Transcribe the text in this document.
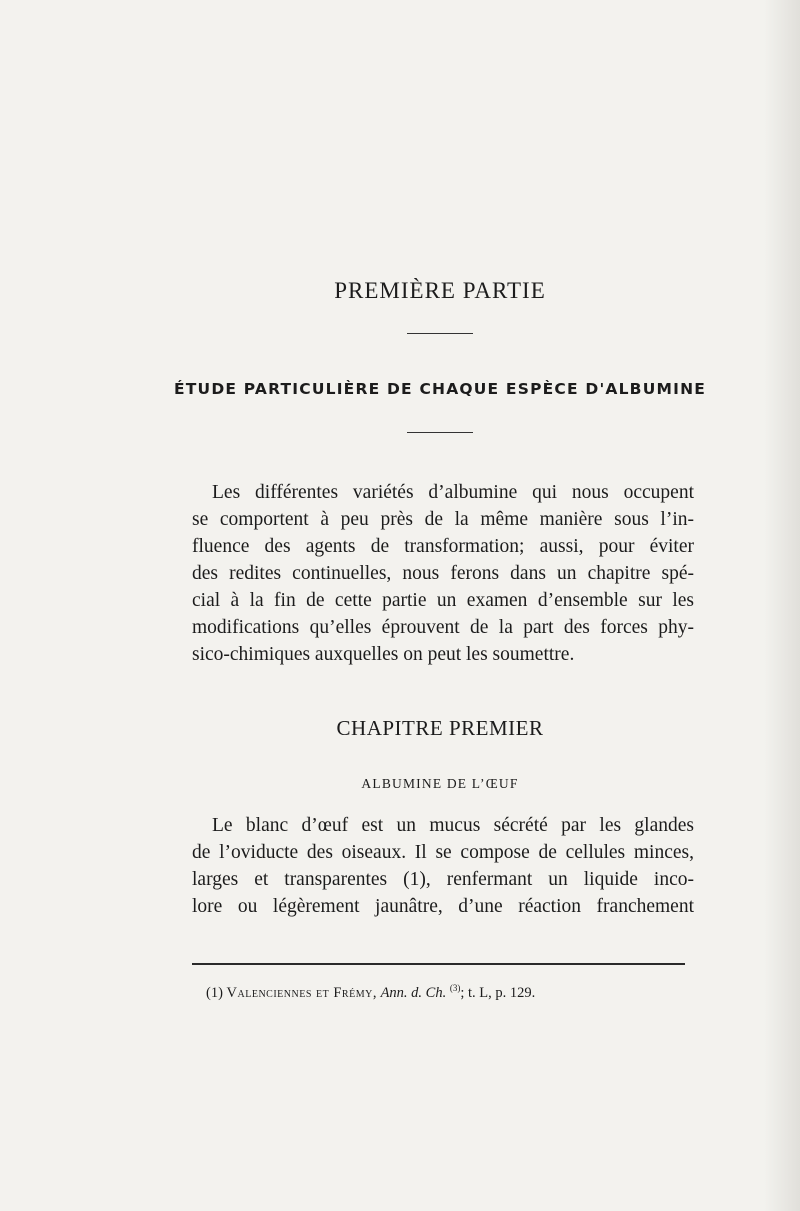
PREMIÈRE PARTIE
ÉTUDE PARTICULIÈRE DE CHAQUE ESPÈCE D'ALBUMINE
Les différentes variétés d’albumine qui nous occupent
se comportent à peu près de la même manière sous l’in-
fluence des agents de transformation; aussi, pour éviter
des redites continuelles, nous ferons dans un chapitre spé-
cial à la fin de cette partie un examen d’ensemble sur les
modifications qu’elles éprouvent de la part des forces phy-
sico-chimiques auxquelles on peut les soumettre.
CHAPITRE PREMIER
ALBUMINE DE L’ŒUF
Le blanc d’œuf est un mucus sécrété par les glandes
de l’oviducte des oiseaux. Il se compose de cellules minces,
larges et transparentes (1), renfermant un liquide inco-
lore ou légèrement jaunâtre, d’une réaction franchement
(1) Valenciennes et Frémy, Ann. d. Ch. $^{(3)}$; t. L, p. 129.
